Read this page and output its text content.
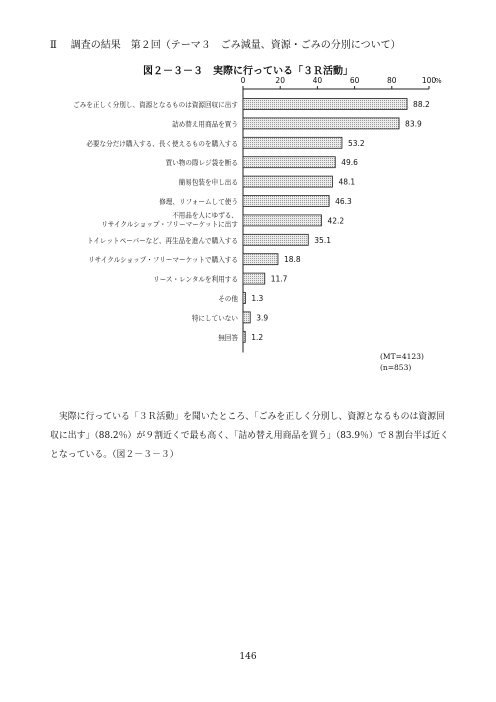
Ⅱ 調査の結果　第２回（テーマ３　ごみ減量、資源・ごみの分別について）
図２－３－３　実際に行っている「３Ｒ活動」
0	20	40	60	80	100
%
88.2
ごみを正しく分別し、資源となるものは資源回収に出す
83.9
詰め替え用商品を買う
53.2
必要な分だけ購入する、長く使えるものを購入する
49.6
買い物の際レジ袋を断る
48.1
簡易包装を申し出る
46.3
修理、リフォームして使う
42.2
不用品を人にゆずる、
リサイクルショップ・フリーマーケットに出す
35.1
トイレットペーパーなど、再生品を進んで購入する
18.8
リサイクルショップ・フリーマーケットで購入する
11.7
リース・レンタルを利用する
1.3
その他
3.9
特にしていない
1.2
無回答
(MT=4123)
(n=853)
実際に行っている「３Ｒ活動」を聞いたところ、「ごみを正しく分別し、資源となるものは資源回収に出す」（88.2％）が９割近くで最も高く、「詰め替え用商品を買う」（83.9％）で８割台半ば近くとなっている。（図２－３－３）
146
